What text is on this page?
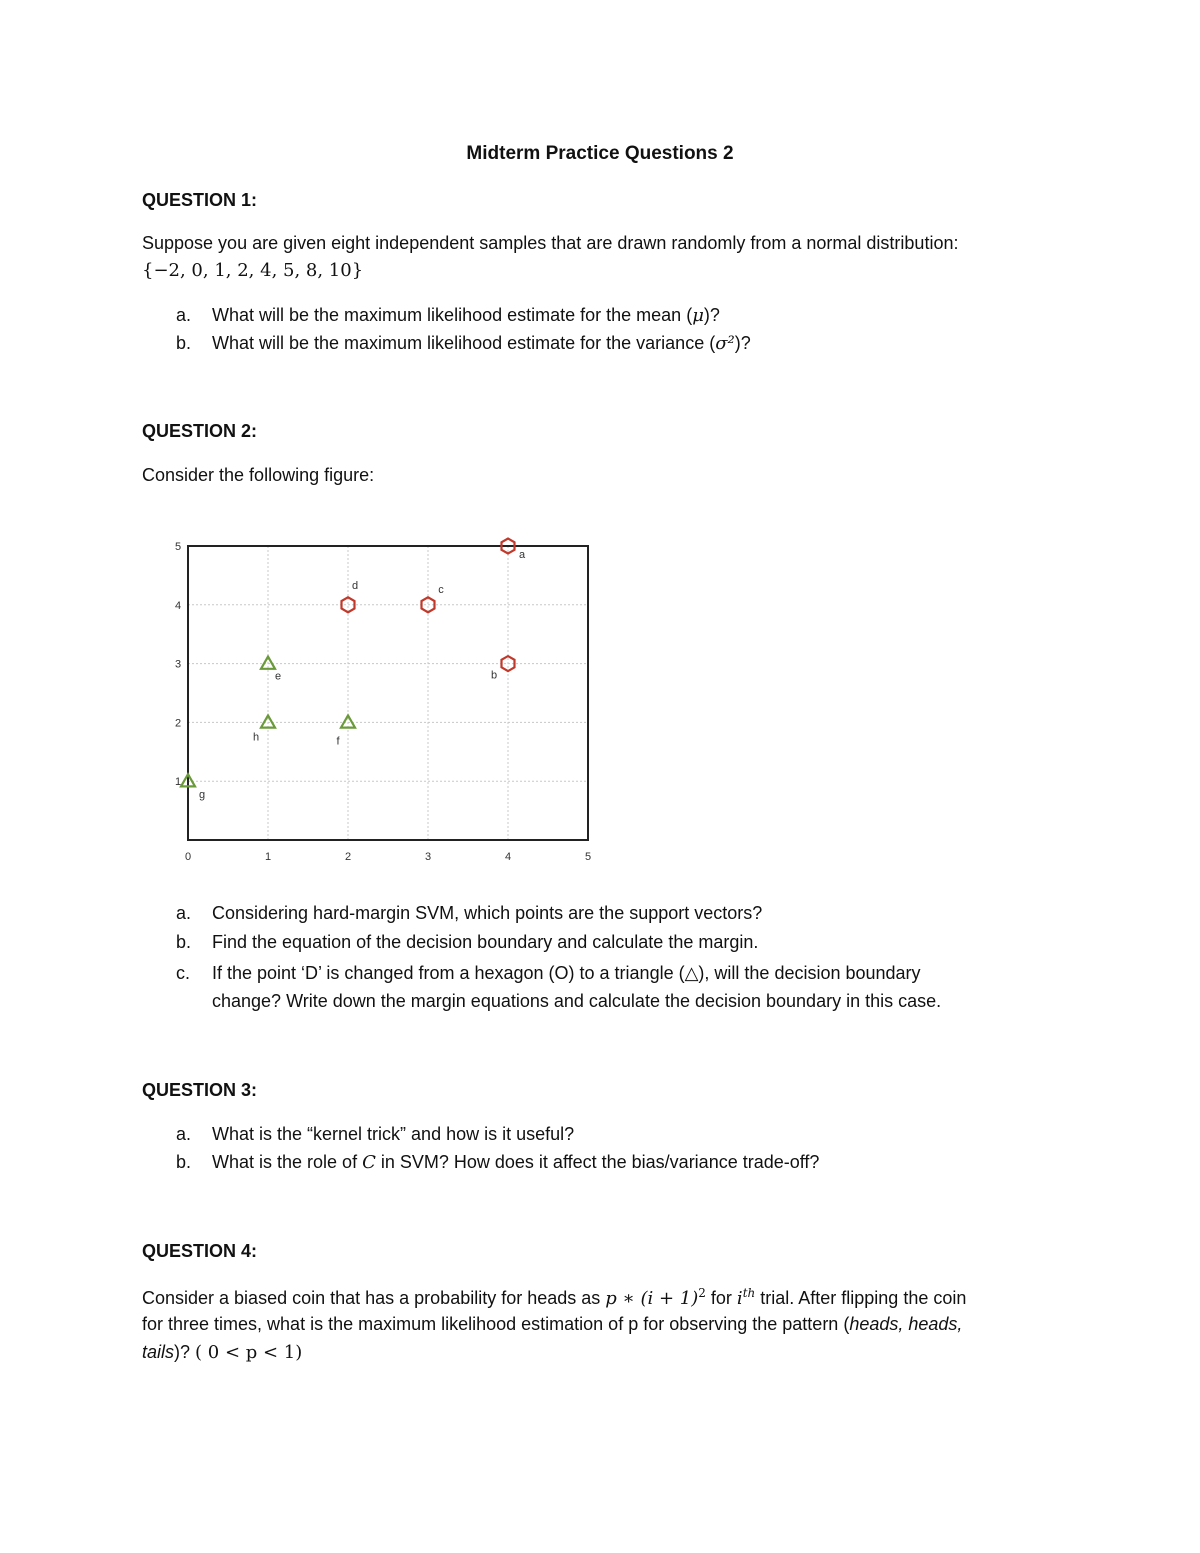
Midterm Practice Questions 2
QUESTION 1:
Suppose you are given eight independent samples that are drawn randomly from a normal distribution:
{−2, 0, 1, 2, 4, 5, 8, 10}
a. What will be the maximum likelihood estimate for the mean (μ)?
b. What will be the maximum likelihood estimate for the variance (σ²)?
QUESTION 2:
Consider the following figure:
0	1	2	3	4	5
1
2
3
4
5
a
b
c
d
e
f
g
h
a. Considering hard-margin SVM, which points are the support vectors?
b. Find the equation of the decision boundary and calculate the margin.
c. If the point ‘D’ is changed from a hexagon (O) to a triangle (△), will the decision boundary
change? Write down the margin equations and calculate the decision boundary in this case.
QUESTION 3:
a. What is the “kernel trick” and how is it useful?
b. What is the role of C in SVM? How does it affect the bias/variance trade-off?
QUESTION 4:
Consider a biased coin that has a probability for heads as p ∗ $(i + 1)^2$ for $i^{th}$ trial. After flipping the coin
for three times, what is the maximum likelihood estimation of p for observing the pattern (heads, heads,
tails)? ( 0 < p < 1)
